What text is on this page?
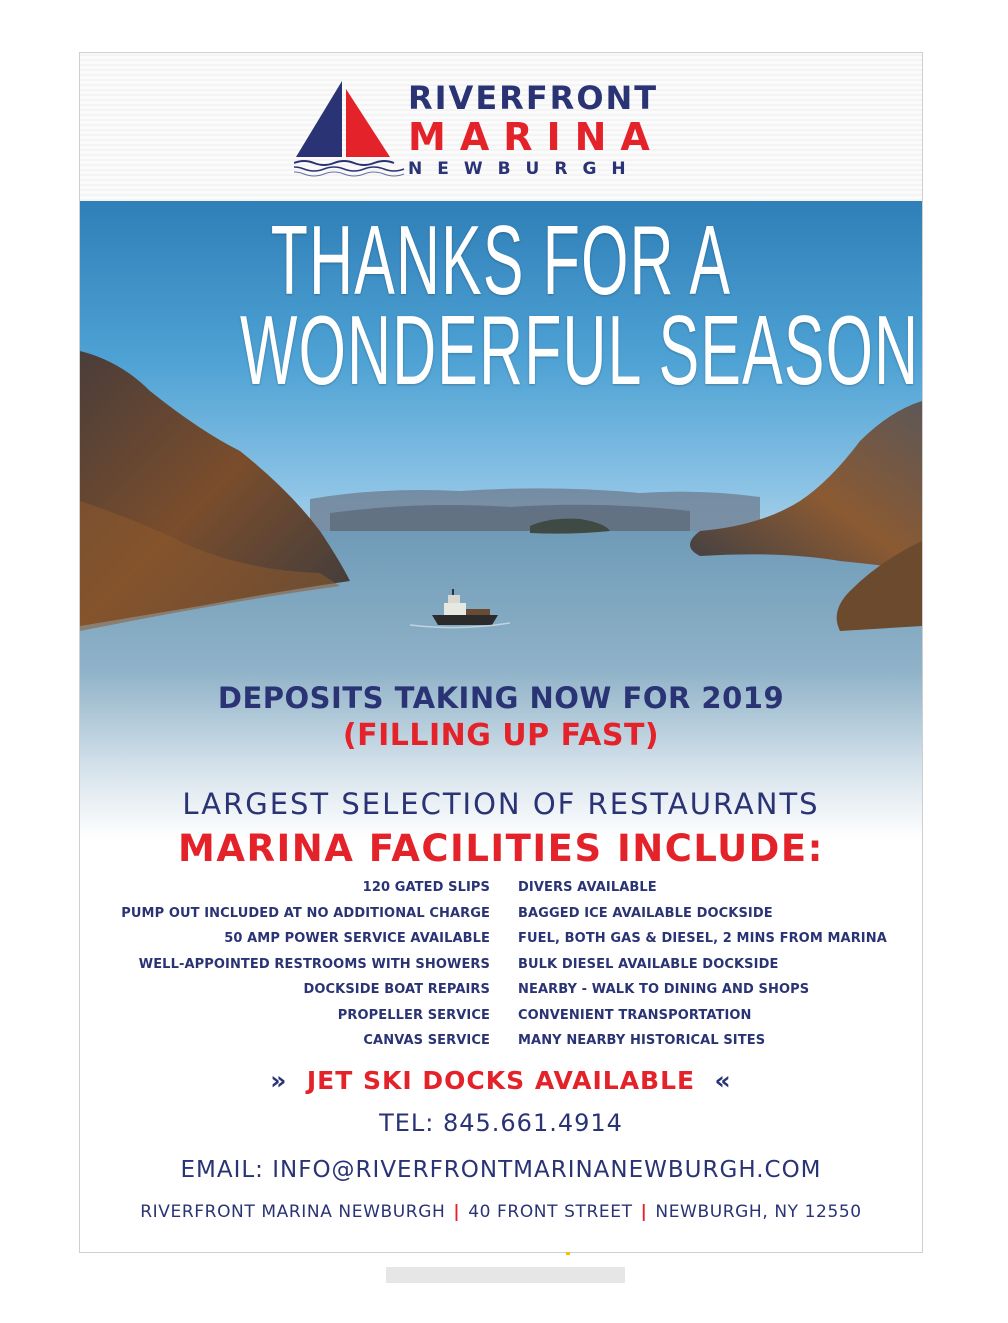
RIVERFRONT

MARINA

NEWBURGH

THANKS FOR A
WONDERFUL SEASON

DEPOSITS TAKING NOW FOR 2019

(FILLING UP FAST)

LARGEST SELECTION OF RESTAURANTS

MARINA FACILITIES INCLUDE:

120 GATED SLIPS
PUMP OUT INCLUDED AT NO ADDITIONAL CHARGE
50 AMP POWER SERVICE AVAILABLE
WELL-APPOINTED RESTROOMS WITH SHOWERS
DOCKSIDE BOAT REPAIRS
PROPELLER SERVICE
CANVAS SERVICE
DIVERS AVAILABLE
BAGGED ICE AVAILABLE DOCKSIDE
FUEL, BOTH GAS & DIESEL, 2 MINS FROM MARINA
BULK DIESEL AVAILABLE DOCKSIDE
NEARBY - WALK TO DINING AND SHOPS
CONVENIENT TRANSPORTATION
MANY NEARBY HISTORICAL SITES

» JET SKI DOCKS AVAILABLE «

TEL: 845.661.4914

EMAIL: INFO@RIVERFRONTMARINANEWBURGH.COM

RIVERFRONT MARINA NEWBURGH | 40 FRONT STREET | NEWBURGH, NY 12550
